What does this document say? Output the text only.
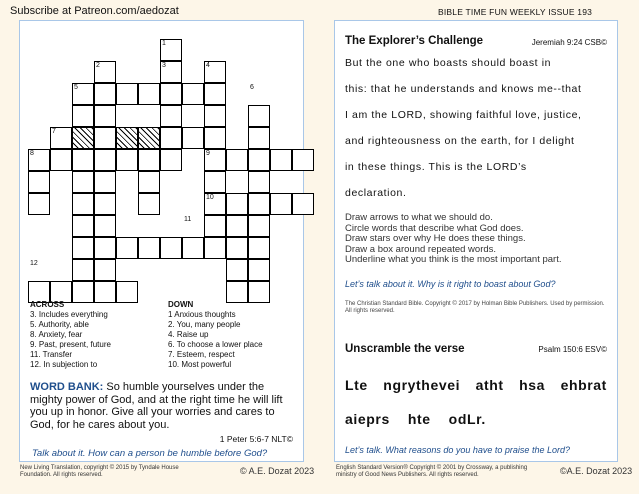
Subscribe at Patreon.com/aedozat	BIBLE TIME FUN WEEKLY ISSUE 193
1
2	3	4
5	6
7
8	9
10
11
12
ACROSS
3. Includes everything
5. Authority, able
8. Anxiety, fear
9. Past, present, future
11. Transfer
12. In subjection to
DOWN
1 Anxious thoughts
2. You, many people
4. Raise up
6. To choose a lower place
7. Esteem, respect
10. Most powerful
WORD BANK: So humble yourselves under the mighty power of God, and at the right time he will lift you up in honor. Give all your worries and cares to God, for he cares about you.
1 Peter 5:6-7 NLT©
Talk about it. How can a person be humble before God?
New Living Translation, copyright © 2015 by Tyndale House Foundation. All rights reserved.	© A.E. Dozat 2023
The Explorer’s Challenge	Jeremiah 9:24 CSB©
But the one who boasts should boast in
this: that he understands and knows me--that
I am the LORD, showing faithful love, justice,
and righteousness on the earth, for I delight
in these things. This is the LORD’s
declaration.
Draw arrows to what we should do.
Circle words that describe what God does.
Draw stars over why He does these things.
Draw a box around repeated words.
Underline what you think is the most important part.
Let’s talk about it. Why is it right to boast about God?
The Christian Standard Bible. Copyright © 2017 by Holman Bible Publishers. Used by permission. All rights reserved.
Unscramble the verse	Psalm 150:6 ESV©
Lte ngrythevei atht hsa ehbrat
aieprs hte odLr.
Let’s talk. What reasons do you have to praise the Lord?
English Standard Version® Copyright © 2001 by Crossway, a publishing ministry of Good News Publishers. All rights reserved.	©A.E. Dozat 2023
